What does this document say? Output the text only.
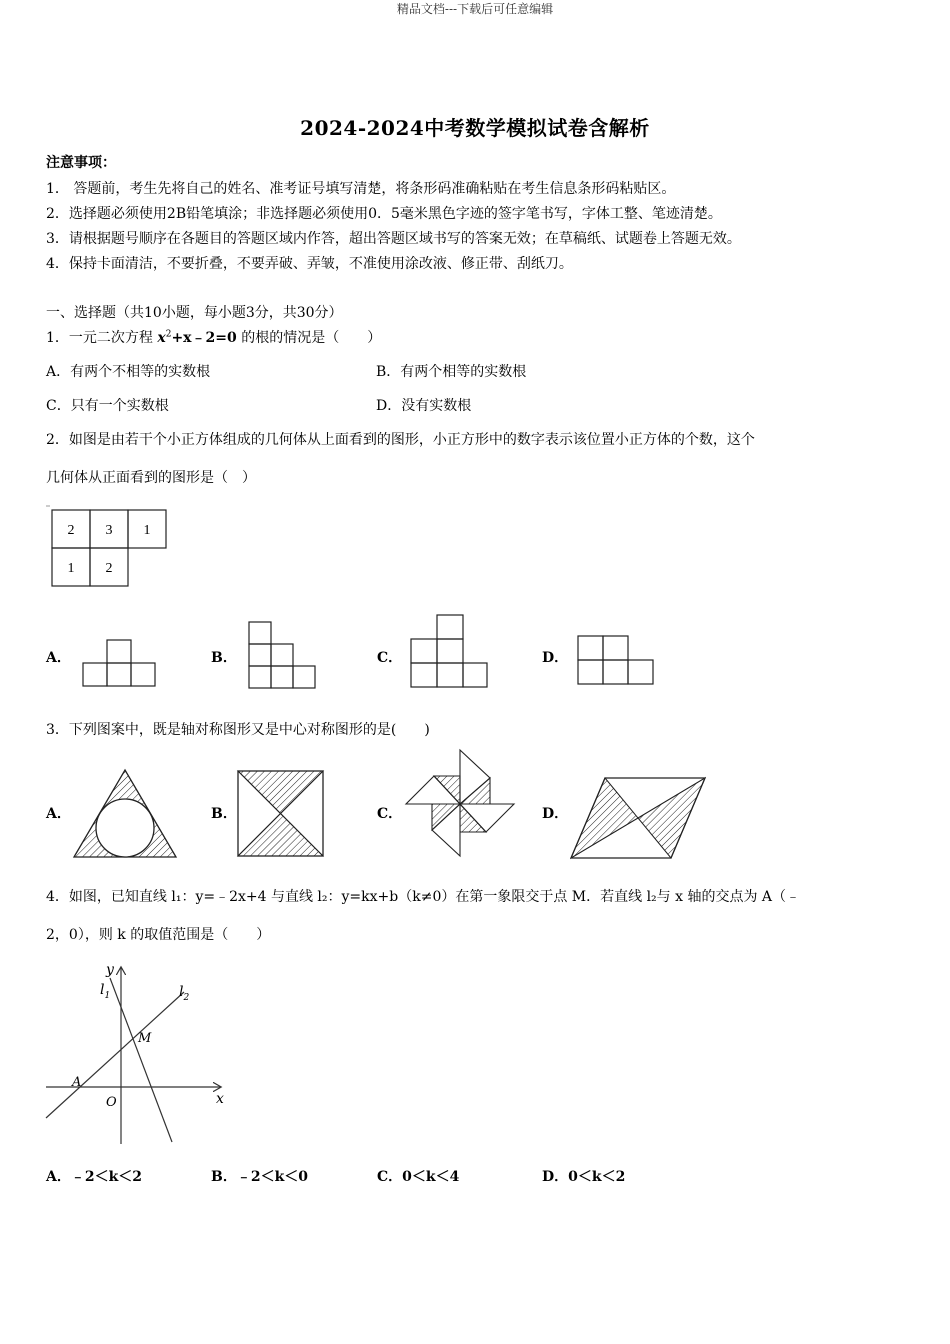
精品文档---下载后可任意编辑
2024-2024中考数学模拟试卷含解析
注意事项：
1． 答题前，考生先将自己的姓名、准考证号填写清楚，将条形码准确粘贴在考生信息条形码粘贴区。
2．选择题必须使用2B铅笔填涂；非选择题必须使用0．5毫米黑色字迹的签字笔书写，字体工整、笔迹清楚。
3．请根据题号顺序在各题目的答题区域内作答，超出答题区域书写的答案无效；在草稿纸、试题卷上答题无效。
4．保持卡面清洁，不要折叠，不要弄破、弄皱，不准使用涂改液、修正带、刮纸刀。
一、选择题（共10小题，每小题3分，共30分）
1．一元二次方程 $x^2+x﹣2=0$ 的根的情况是（　　）
A．有两个不相等的实数根	B．有两个相等的实数根
C．只有一个实数根	D．没有实数根
2．如图是由若干个小正方体组成的几何体从上面看到的图形，小正方形中的数字表示该位置小正方体的个数，这个
几何体从正面看到的图形是（　）
2 3 1
1 2
A．	B．	C．	D．
3．下列图案中，既是轴对称图形又是中心对称图形的是(　　)
A．	B．	C．	D．
4．如图，已知直线 l₁：y=﹣2x+4 与直线 l₂：y=kx+b（k≠0）在第一象限交于点 M．若直线 l₂与 x 轴的交点为 A（﹣
2，0），则 k 的取值范围是（　　）
y
x
$l_1$	$l_2$
M
A
O
A．﹣2＜k＜2	B．﹣2＜k＜0	C．0＜k＜4	D．0＜k＜2
